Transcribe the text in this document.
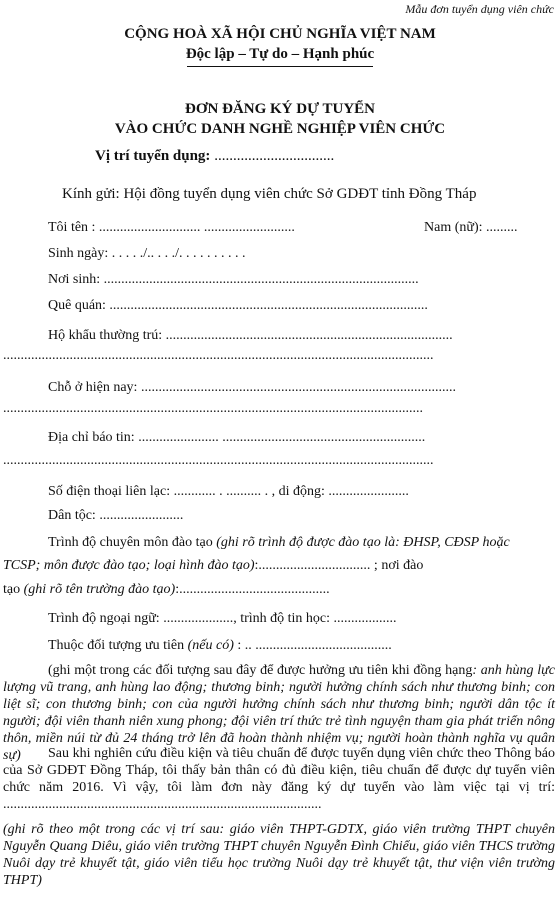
Mẫu đơn tuyển dụng viên chức
CỘNG HOÀ XÃ HỘI CHỦ NGHĨA VIỆT NAM
Độc lập – Tự do – Hạnh phúc
ĐƠN ĐĂNG KÝ DỰ TUYỂN
VÀO CHỨC DANH NGHỀ NGHIỆP VIÊN CHỨC
Vị trí tuyển dụng: ................................
Kính gửi: Hội đồng tuyển dụng viên chức Sở GDĐT tỉnh Đồng Tháp
Tôi tên : ............................. ..........................	Nam (nữ): .........
Sinh ngày: . . . . ./.. . . ./. . . . . . . . . .
Nơi sinh: ..........................................................................................
Quê quán: ...........................................................................................
Hộ khẩu thường trú: ..................................................................................
...........................................................................................................................
Chỗ ở hiện nay: ..........................................................................................
........................................................................................................................
Địa chỉ báo tin: ....................... ..........................................................
...........................................................................................................................
Số điện thoại liên lạc: ............ . .......... . , di động: .......................
Dân tộc: ........................
Trình độ chuyên môn đào tạo (ghi rõ trình độ được đào tạo là: ĐHSP, CĐSP hoặc
TCSP; môn được đào tạo; loại hình đào tạo):................................ ; nơi đào
tạo (ghi rõ tên trường đào tạo):...........................................
Trình độ ngoại ngữ: ...................., trình độ tin học: ..................
Thuộc đối tượng ưu tiên (nếu có) : .. .......................................
(ghi một trong các đối tượng sau đây để được hưởng ưu tiên khi đồng hạng: anh hùng lực lượng vũ trang, anh hùng lao động; thương binh; người hưởng chính sách như thương binh; con liệt sĩ; con thương binh; con của người hưởng chính sách như thương binh; người dân tộc ít người; đội viên thanh niên xung phong; đội viên trí thức trẻ tình nguyện tham gia phát triển nông thôn, miền núi từ đủ 24 tháng trở lên đã hoàn thành nhiệm vụ; người hoàn thành nghĩa vụ quân sự)	Sau khi nghiên cứu điều kiện và tiêu chuẩn để được tuyển dụng viên chức theo Thông báo của Sở GDĐT Đồng Tháp, tôi thấy bản thân có đủ điều kiện, tiêu chuẩn để được dự tuyển viên chức năm 2016. Vì vậy, tôi làm đơn này đăng ký dự tuyển vào làm việc tại vị trí: ...........................................................................................
(ghi rõ theo một trong các vị trí sau: giáo viên THPT-GDTX, giáo viên trường THPT chuyên Nguyễn Quang Diêu, giáo viên trường THPT chuyên Nguyễn Đình Chiểu, giáo viên THCS trường Nuôi dạy trẻ khuyết tật, giáo viên tiểu học trường Nuôi dạy trẻ khuyết tật, thư viện viên trường THPT)
